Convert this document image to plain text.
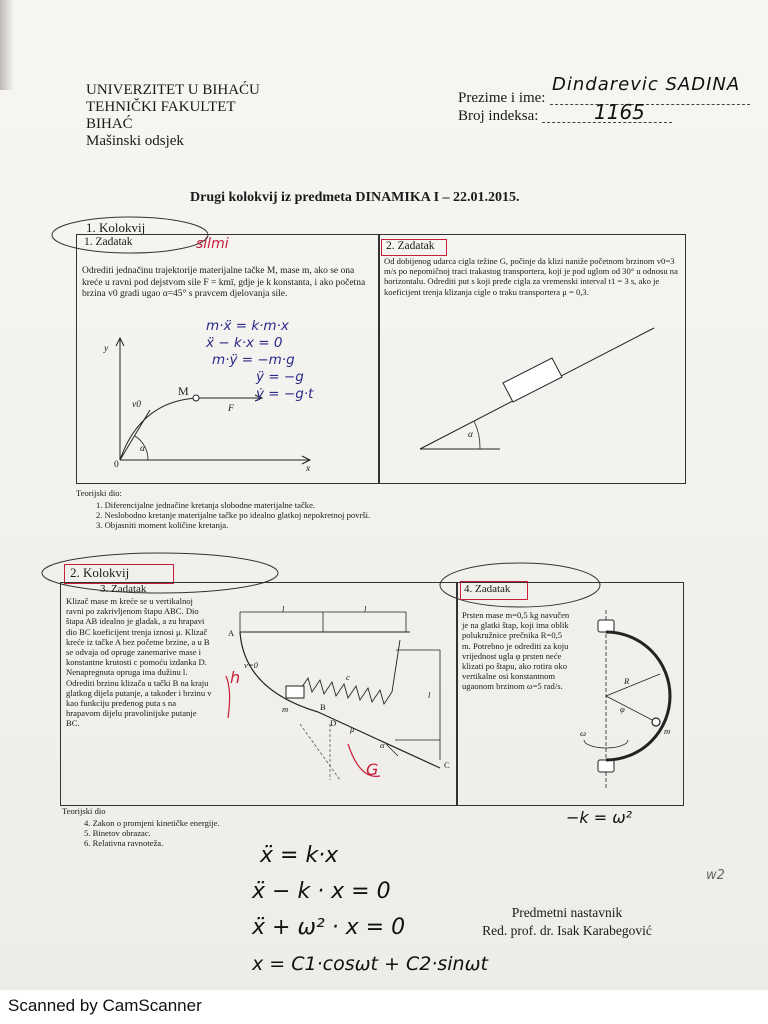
UNIVERZITET U BIHAĆU
TEHNIČKI FAKULTET
BIHAĆ
Mašinski odsjek
Prezime i ime:
Dindarevic SADINA
Broj indeksa:	1165
Drugi kolokvij iz predmeta DINAMIKA I – 22.01.2015.
1. Kolokvij
1. Zadatak	silmi
Odrediti jednačinu trajektorije materijalne tačke M, mase m, ako se ona kreće u ravni pod dejstvom sile F = kmī, gdje je k konstanta, i ako početna brzina v0 gradi ugao α=45° s pravcem djelovanja sile.
y
x
0
M
v0
α
F
m·ẍ = k·m·x
ẍ − k·x = 0
m·ÿ = −m·g
ÿ = −g
ẏ = −g·t
2. Zadatak
Od dobijenog udarca cigla težine G, počinje da klizi naniže početnom brzinom v0=3 m/s po nepomičnoj traci trakastog transportera, koji je pod uglom od 30° u odnosu na horizontalu. Odrediti put s koji pređe cigla za vremenski interval t1 = 3 s, ako je koeficijent trenja klizanja cigle o traku transportera μ = 0,3.
α
Teorijski dio:
1. Diferencijalne jednačine kretanja slobodne materijalne tačke.
2. Neslobodno kretanje materijalne tačke po idealno glatkoj nepokretnoj površi.
3. Objasniti moment količine kretanja.
2. Kolokvij
3. Zadatak
Klizač mase m kreće se u vertikalnoj ravni po zakrivljenom štapu ABC. Dio štapa AB idealno je gladak, a zu hrapavi dio BC koeficijent trenja iznosi μ. Klizač kreće iz tačke A bez početne brzine, a u B se odvaja od opruge zanemarive mase i konstantne krutosti c pomoću izdanka D. Nenapregnuta opruga ima dužinu l. Odrediti brzinu klizača u tački B na kraju glatkog dijela putanje, a također i brzinu v kao funkciju pređenog puta s na hrapavom dijelu pravolinijske putanje BC.
A
B
C
D
l	l
l
c
m
μ
α
v=0
h
G
4. Zadatak
Prsten mase m=0,5 kg navučen je na glatki štap, koji ima oblik polukružnice prečnika R=0,5 m. Potrebno je odrediti za koju vrijednost ugla φ prsten neće klizati po štapu, ako rotira oko vertikalne osi konstantnom ugaonom brzinom ω=5 rad/s.
R
φ
m
ω
−k = ω²
Teorijski dio
4. Zakon o promjeni kinetičke energije.
5. Binetov obrazac.
6. Relativna ravnoteža.	ẍ = k·x
ẍ − k · x = 0
ẍ + ω² · x = 0
x = C1·cosωt + C2·sinωt
w2
Predmetni nastavnik
Red. prof. dr. Isak Karabegović
Scanned by CamScanner
